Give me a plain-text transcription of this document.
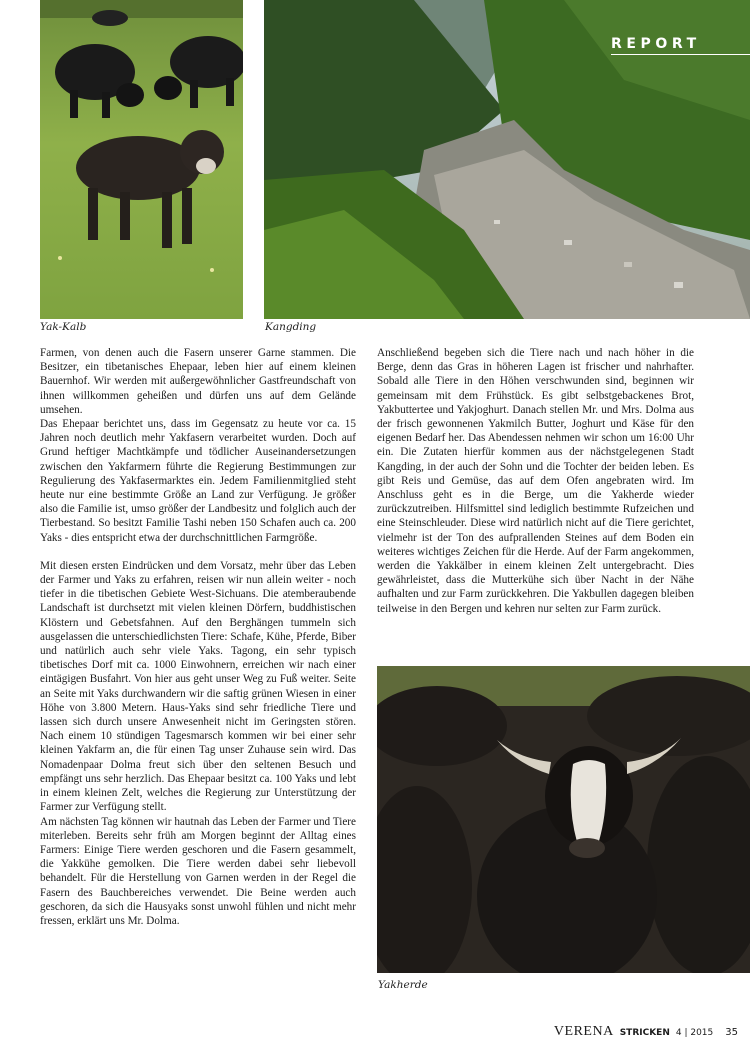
REPORT
Yak-Kalb	Kangding

Farmen, von denen auch die Fasern unserer Garne stammen. Die Besitzer, ein tibetanisches Ehepaar, leben hier auf einem kleinen Bauernhof. Wir werden mit außergewöhnlicher Gastfreundschaft von ihnen willkommen geheißen und dürfen uns auf dem Gelände umsehen.

Das Ehepaar berichtet uns, dass im Gegensatz zu heute vor ca. 15 Jahren noch deutlich mehr Yakfasern verarbeitet wurden. Doch auf Grund heftiger Machtkämpfe und tödlicher Auseinandersetzungen zwischen den Yakfarmern führte die Regierung Bestimmungen zur Regulierung des Yakfasermarktes ein. Jedem Familienmitglied steht heute nur eine bestimmte Größe an Land zur Verfügung. Je größer also die Familie ist, umso größer der Landbesitz und folglich auch der Tierbestand. So besitzt Familie Tashi neben 150 Schafen auch ca. 200 Yaks - dies entspricht etwa der durchschnittlichen Farmgröße.

Mit diesen ersten Eindrücken und dem Vorsatz, mehr über das Leben der Farmer und Yaks zu erfahren, reisen wir nun allein weiter - noch tiefer in die tibetischen Gebiete West-Sichuans. Die atemberaubende Landschaft ist durchsetzt mit vielen kleinen Dörfern, buddhistischen Klöstern und Gebetsfahnen. Auf den Berghängen tummeln sich ausgelassen die unterschiedlichsten Tiere: Schafe, Kühe, Pferde, Biber und natürlich auch sehr viele Yaks. Tagong, ein sehr typisch tibetisches Dorf mit ca. 1000 Einwohnern, erreichen wir nach einer eintägigen Busfahrt. Von hier aus geht unser Weg zu Fuß weiter. Seite an Seite mit Yaks durchwandern wir die saftig grünen Wiesen in einer Höhe von 3.800 Metern. Haus-Yaks sind sehr friedliche Tiere und lassen sich durch unsere Anwesenheit nicht im Geringsten stören. Nach einem 10 stündigen Tagesmarsch kommen wir bei einer sehr kleinen Yakfarm an, die für einen Tag unser Zuhause sein wird. Das Nomadenpaar Dolma freut sich über den seltenen Besuch und empfängt uns sehr herzlich. Das Ehepaar besitzt ca. 100 Yaks und lebt in einem kleinen Zelt, welches die Regierung zur Unterstützung der Farmer zur Verfügung stellt.

Am nächsten Tag können wir hautnah das Leben der Farmer und Tiere miterleben. Bereits sehr früh am Morgen beginnt der Alltag eines Farmers: Einige Tiere werden geschoren und die Fasern gesammelt, die Yakkühe gemolken. Die Tiere werden dabei sehr liebevoll behandelt. Für die Herstellung von Garnen werden in der Regel die Fasern des Bauchbereiches verwendet. Die Beine werden auch geschoren, da sich die Hausyaks sonst unwohl fühlen und nicht mehr fressen, erklärt uns Mr. Dolma.

Anschließend begeben sich die Tiere nach und nach höher in die Berge, denn das Gras in höheren Lagen ist frischer und nahrhafter. Sobald alle Tiere in den Höhen verschwunden sind, beginnen wir gemeinsam mit dem Frühstück. Es gibt selbstgebackenes Brot, Yakbuttertee und Yakjoghurt. Danach stellen Mr. und Mrs. Dolma aus der frisch gewonnenen Yakmilch Butter, Joghurt und Käse für den eigenen Bedarf her. Das Abendessen nehmen wir schon um 16:00 Uhr ein. Die Zutaten hierfür kommen aus der nächstgelegenen Stadt Kangding, in der auch der Sohn und die Tochter der beiden leben. Es gibt Reis und Gemüse, das auf dem Ofen angebraten wird. Im Anschluss geht es in die Berge, um die Yakherde wieder zurückzutreiben. Hilfsmittel sind lediglich bestimmte Rufzeichen und eine Steinschleuder. Diese wird natürlich nicht auf die Tiere gerichtet, vielmehr ist der Ton des aufprallenden Steines auf dem Boden ein weiteres wichtiges Zeichen für die Herde. Auf der Farm angekommen, werden die Yakkälber in einem kleinen Zelt untergebracht. Dies gewährleistet, dass die Mutterkühe sich über Nacht in der Nähe aufhalten und zur Farm zurückkehren. Die Yakbullen dagegen bleiben teilweise in den Bergen und kehren nur selten zur Farm zurück.

Yakherde
VERENA STRICKEN 4 | 2015 35
